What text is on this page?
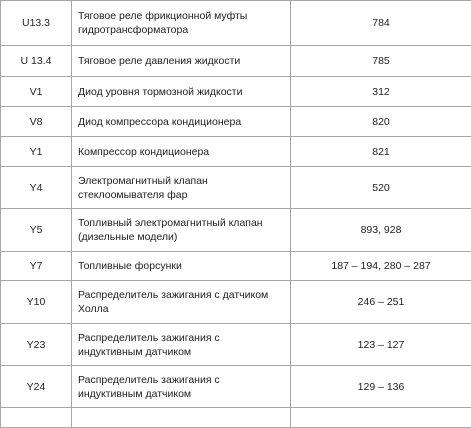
U13.3	Тяговое реле фрикционной муфты гидротрансформатора	784
U 13.4	Тяговое реле давления жидкости	785
V1	Диод уровня тормозной жидкости	312
V8	Диод компрессора кондиционера	820
Y1	Компрессор кондиционера	821
Y4	Электромагнитный клапан стеклоомывателя фар	520
Y5	Топливный электромагнитный клапан (дизельные модели)	893, 928
Y7	Топливные форсунки	187 – 194, 280 – 287
Y10	Распределитель зажигания с датчиком Холла	246 – 251
Y23	Распределитель зажигания с индуктивным датчиком	123 – 127
Y24	Распределитель зажигания с индуктивным датчиком	129 – 136
